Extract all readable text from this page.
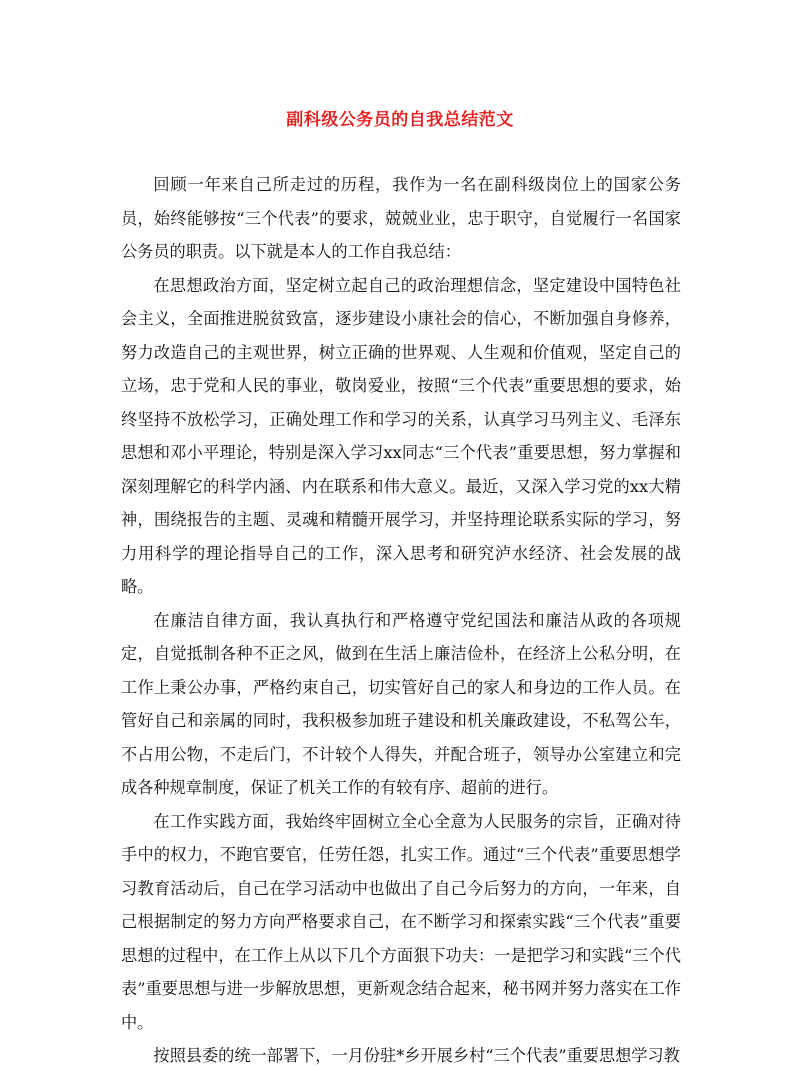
副科级公务员的自我总结范文

回顾一年来自己所走过的历程，我作为一名在副科级岗位上的国家公务员，始终能够按“三个代表”的要求，兢兢业业，忠于职守，自觉履行一名国家公务员的职责。以下就是本人的工作自我总结：

在思想政治方面，坚定树立起自己的政治理想信念，坚定建设中国特色社会主义，全面推进脱贫致富，逐步建设小康社会的信心，不断加强自身修养，努力改造自己的主观世界，树立正确的世界观、人生观和价值观，坚定自己的立场，忠于党和人民的事业，敬岗爱业，按照“三个代表”重要思想的要求，始终坚持不放松学习，正确处理工作和学习的关系，认真学习马列主义、毛泽东思想和邓小平理论，特别是深入学习xx同志“三个代表”重要思想，努力掌握和深刻理解它的科学内涵、内在联系和伟大意义。最近，又深入学习党的xx大精神，围绕报告的主题、灵魂和精髓开展学习，并坚持理论联系实际的学习，努力用科学的理论指导自己的工作，深入思考和研究泸水经济、社会发展的战略。

在廉洁自律方面，我认真执行和严格遵守党纪国法和廉洁从政的各项规定，自觉抵制各种不正之风，做到在生活上廉洁俭朴，在经济上公私分明，在工作上秉公办事，严格约束自己，切实管好自己的家人和身边的工作人员。在管好自己和亲属的同时，我积极参加班子建设和机关廉政建设，不私驾公车，不占用公物，不走后门，不计较个人得失，并配合班子，领导办公室建立和完成各种规章制度，保证了机关工作的有较有序、超前的进行。

在工作实践方面，我始终牢固树立全心全意为人民服务的宗旨，正确对待手中的权力，不跑官要官，任劳任怨，扎实工作。通过“三个代表”重要思想学习教育活动后，自己在学习活动中也做出了自己今后努力的方向，一年来，自己根据制定的努力方向严格要求自己，在不断学习和探索实践“三个代表”重要思想的过程中，在工作上从以下几个方面狠下功夫：一是把学习和实践“三个代表”重要思想与进一步解放思想，更新观念结合起来，秘书网并努力落实在工作中。

按照县委的统一部署下，一月份驻*乡开展乡村“三个代表”重要思想学习教
